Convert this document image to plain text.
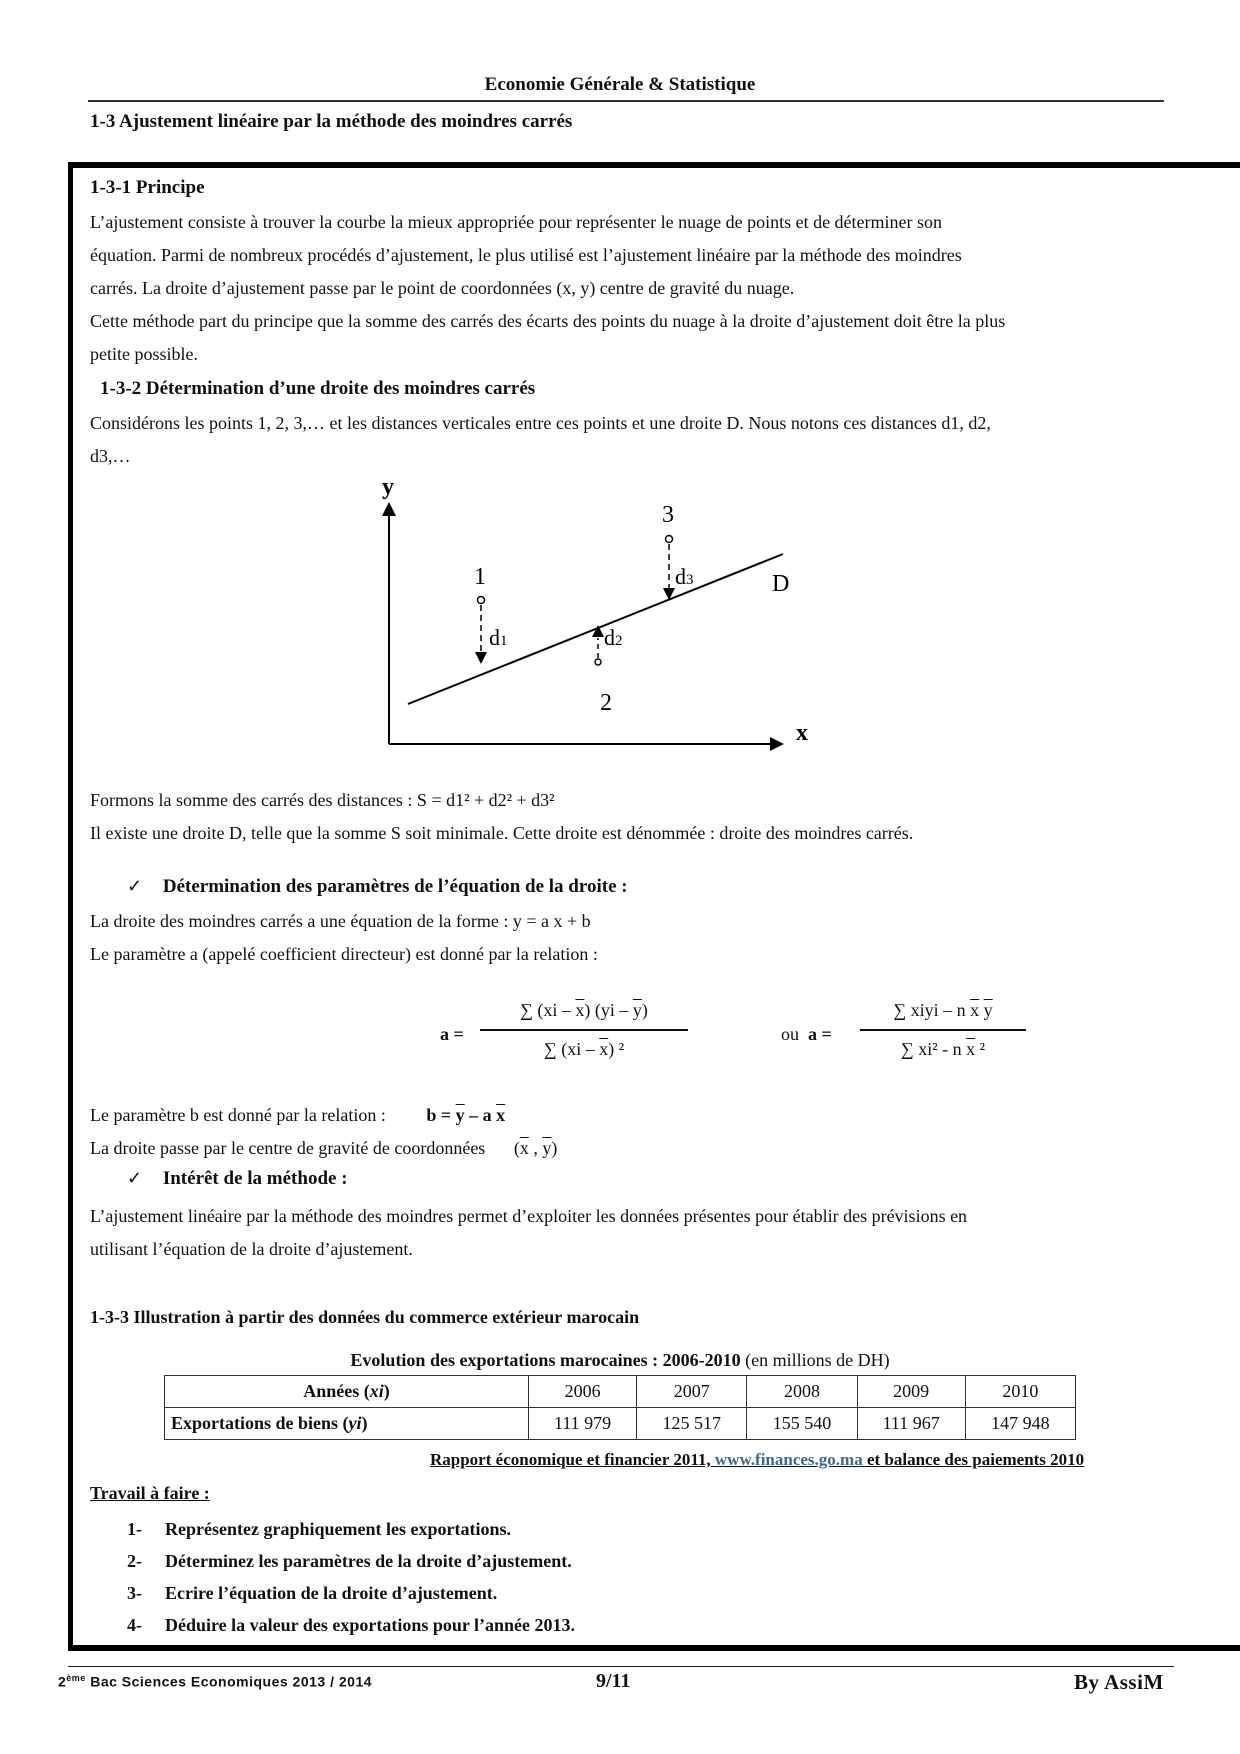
Economie Générale & Statistique
1-3 Ajustement linéaire par la méthode des moindres carrés
1-3-1 Principe
L’ajustement consiste à trouver la courbe la mieux appropriée pour représenter le nuage de points et de déterminer son
équation. Parmi de nombreux procédés d’ajustement, le plus utilisé est l’ajustement linéaire par la méthode des moindres
carrés. La droite d’ajustement passe par le point de coordonnées (x, y) centre de gravité du nuage.
Cette méthode part du principe que la somme des carrés des écarts des points du nuage à la droite d’ajustement doit être la plus
petite possible.
1-3-2 Détermination d’une droite des moindres carrés
Considérons les points 1, 2, 3,… et les distances verticales entre ces points et une droite D. Nous notons ces distances d1, d2,
d3,…
y
x
D
1
d1
2
d2
3
d3
Formons la somme des carrés des distances : S = d1² + d2² + d3²
Il existe une droite D, telle que la somme S soit minimale. Cette droite est dénommée : droite des moindres carrés.
✓ Détermination des paramètres de l’équation de la droite :
La droite des moindres carrés a une équation de la forme : y = a x + b
Le paramètre a (appelé coefficient directeur) est donné par la relation :
a =
∑ $(xi - \overline{x})$ $(yi - \overline{y})$
∑ $(xi - \overline{x})$ ²
ou a =
∑ xiyi – n $\overline{x}$ $\overline{y}$
∑ xi² - n $\overline{x}$ ²
Le paramètre b est donné par la relation : $b = \overline{y} - a$ $\overline{x}$
La droite passe par le centre de gravité de coordonnées ($\overline{x}$ , $\overline{y}$)
✓ Intérêt de la méthode :
L’ajustement linéaire par la méthode des moindres permet d’exploiter les données présentes pour établir des prévisions en
utilisant l’équation de la droite d’ajustement.
1-3-3 Illustration à partir des données du commerce extérieur marocain
Evolution des exportations marocaines : 2006-2010 (en millions de DH)
Années (xi)	2006	2007	2008	2009	2010
Exportations de biens (yi)	111 979	125 517	155 540	111 967	147 948
Rapport économique et financier 2011, www.finances.go.ma et balance des paiements 2010
Travail à faire :
1- Représentez graphiquement les exportations.
2- Déterminez les paramètres de la droite d’ajustement.
3- Ecrire l’équation de la droite d’ajustement.
4- Déduire la valeur des exportations pour l’année 2013.
2ème Bac Sciences Economiques 2013 / 2014	9/11	By AssiM
